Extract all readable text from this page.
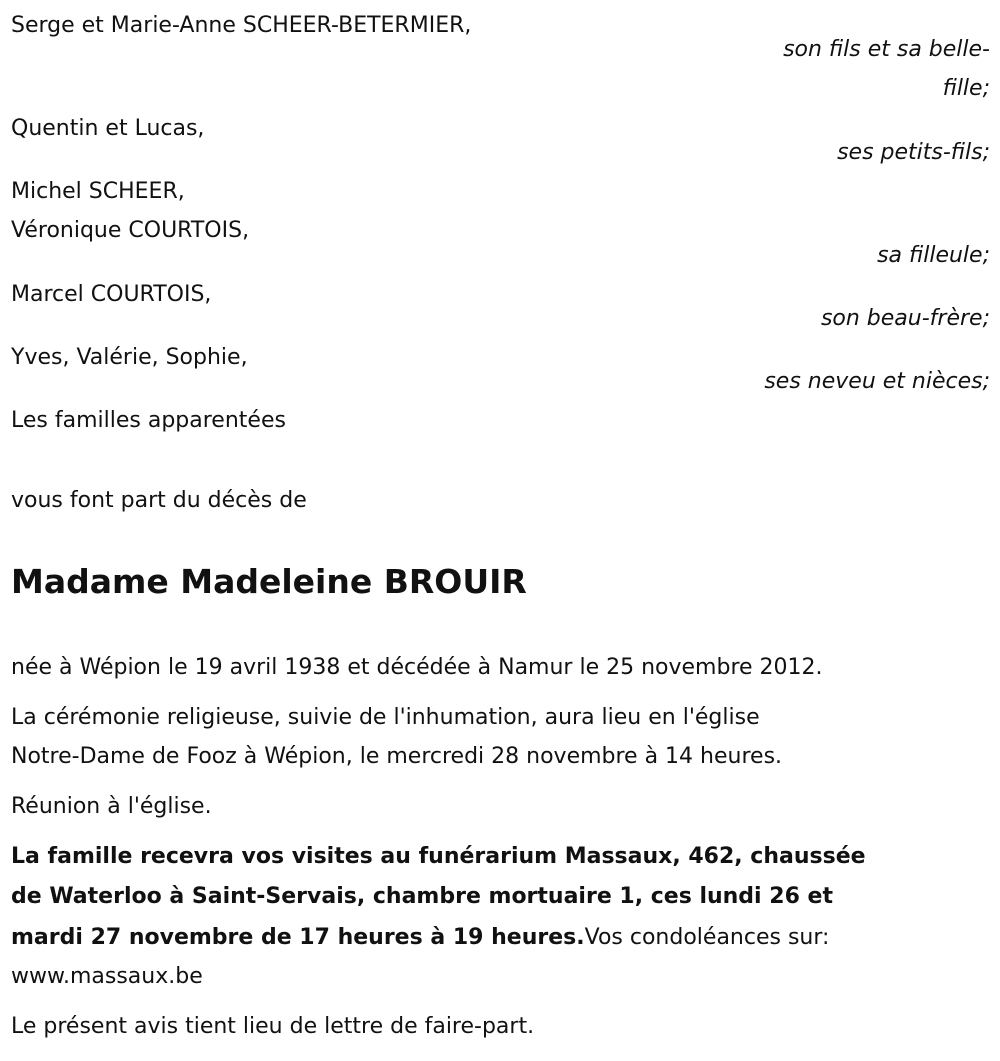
Serge et Marie-Anne SCHEER-BETERMIER,
son fils et sa belle-
fille;
Quentin et Lucas,
ses petits-fils;
Michel SCHEER,
Véronique COURTOIS,
sa filleule;
Marcel COURTOIS,
son beau-frère;
Yves, Valérie, Sophie,
ses neveu et nièces;
Les familles apparentées
vous font part du décès de
Madame Madeleine BROUIR
née à Wépion le 19 avril 1938 et décédée à Namur le 25 novembre 2012.
La cérémonie religieuse, suivie de l'inhumation, aura lieu en l'église
Notre-Dame de Fooz à Wépion, le mercredi 28 novembre à 14 heures.
Réunion à l'église.
La famille recevra vos visites au funérarium Massaux, 462, chaussée
de Waterloo à Saint-Servais, chambre mortuaire 1, ces lundi 26 et
mardi 27 novembre de 17 heures à 19 heures.Vos condoléances sur:
www.massaux.be
Le présent avis tient lieu de lettre de faire-part.
